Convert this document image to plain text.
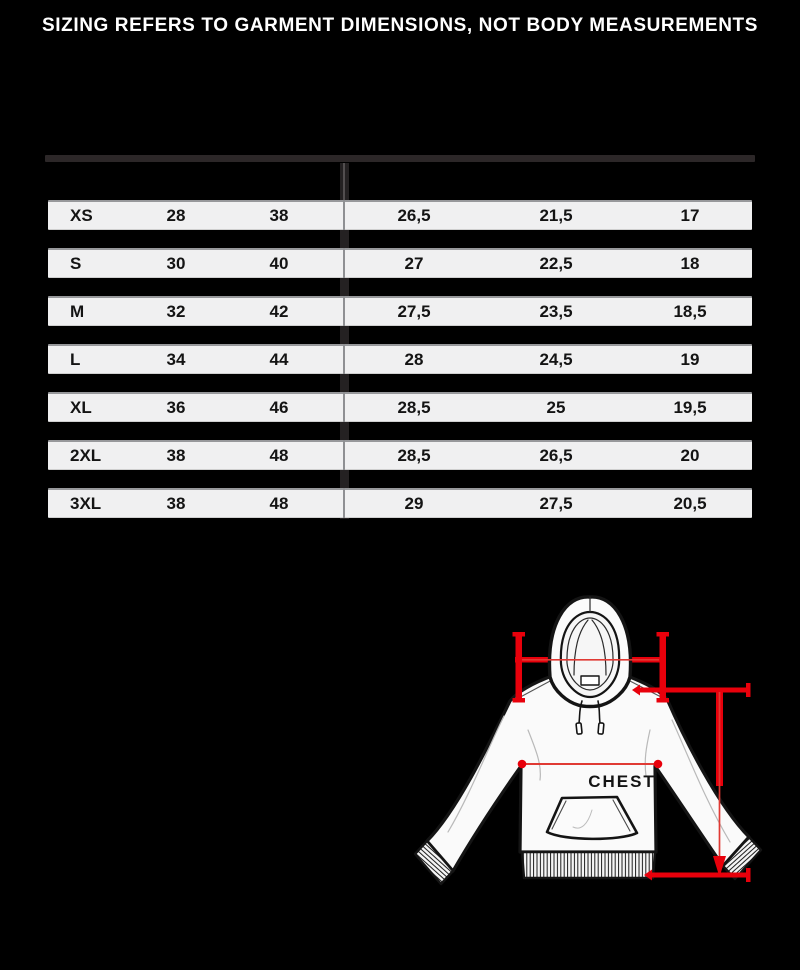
SIZING REFERS TO GARMENT DIMENSIONS, NOT BODY MEASUREMENTS
XS	28	38	26,5	21,5	17
S	30	40	27	22,5	18
M	32	42	27,5	23,5	18,5
L	34	44	28	24,5	19
XL	36	46	28,5	25	19,5
2XL	38	48	28,5	26,5	20
3XL	38	48	29	27,5	20,5
CHEST
